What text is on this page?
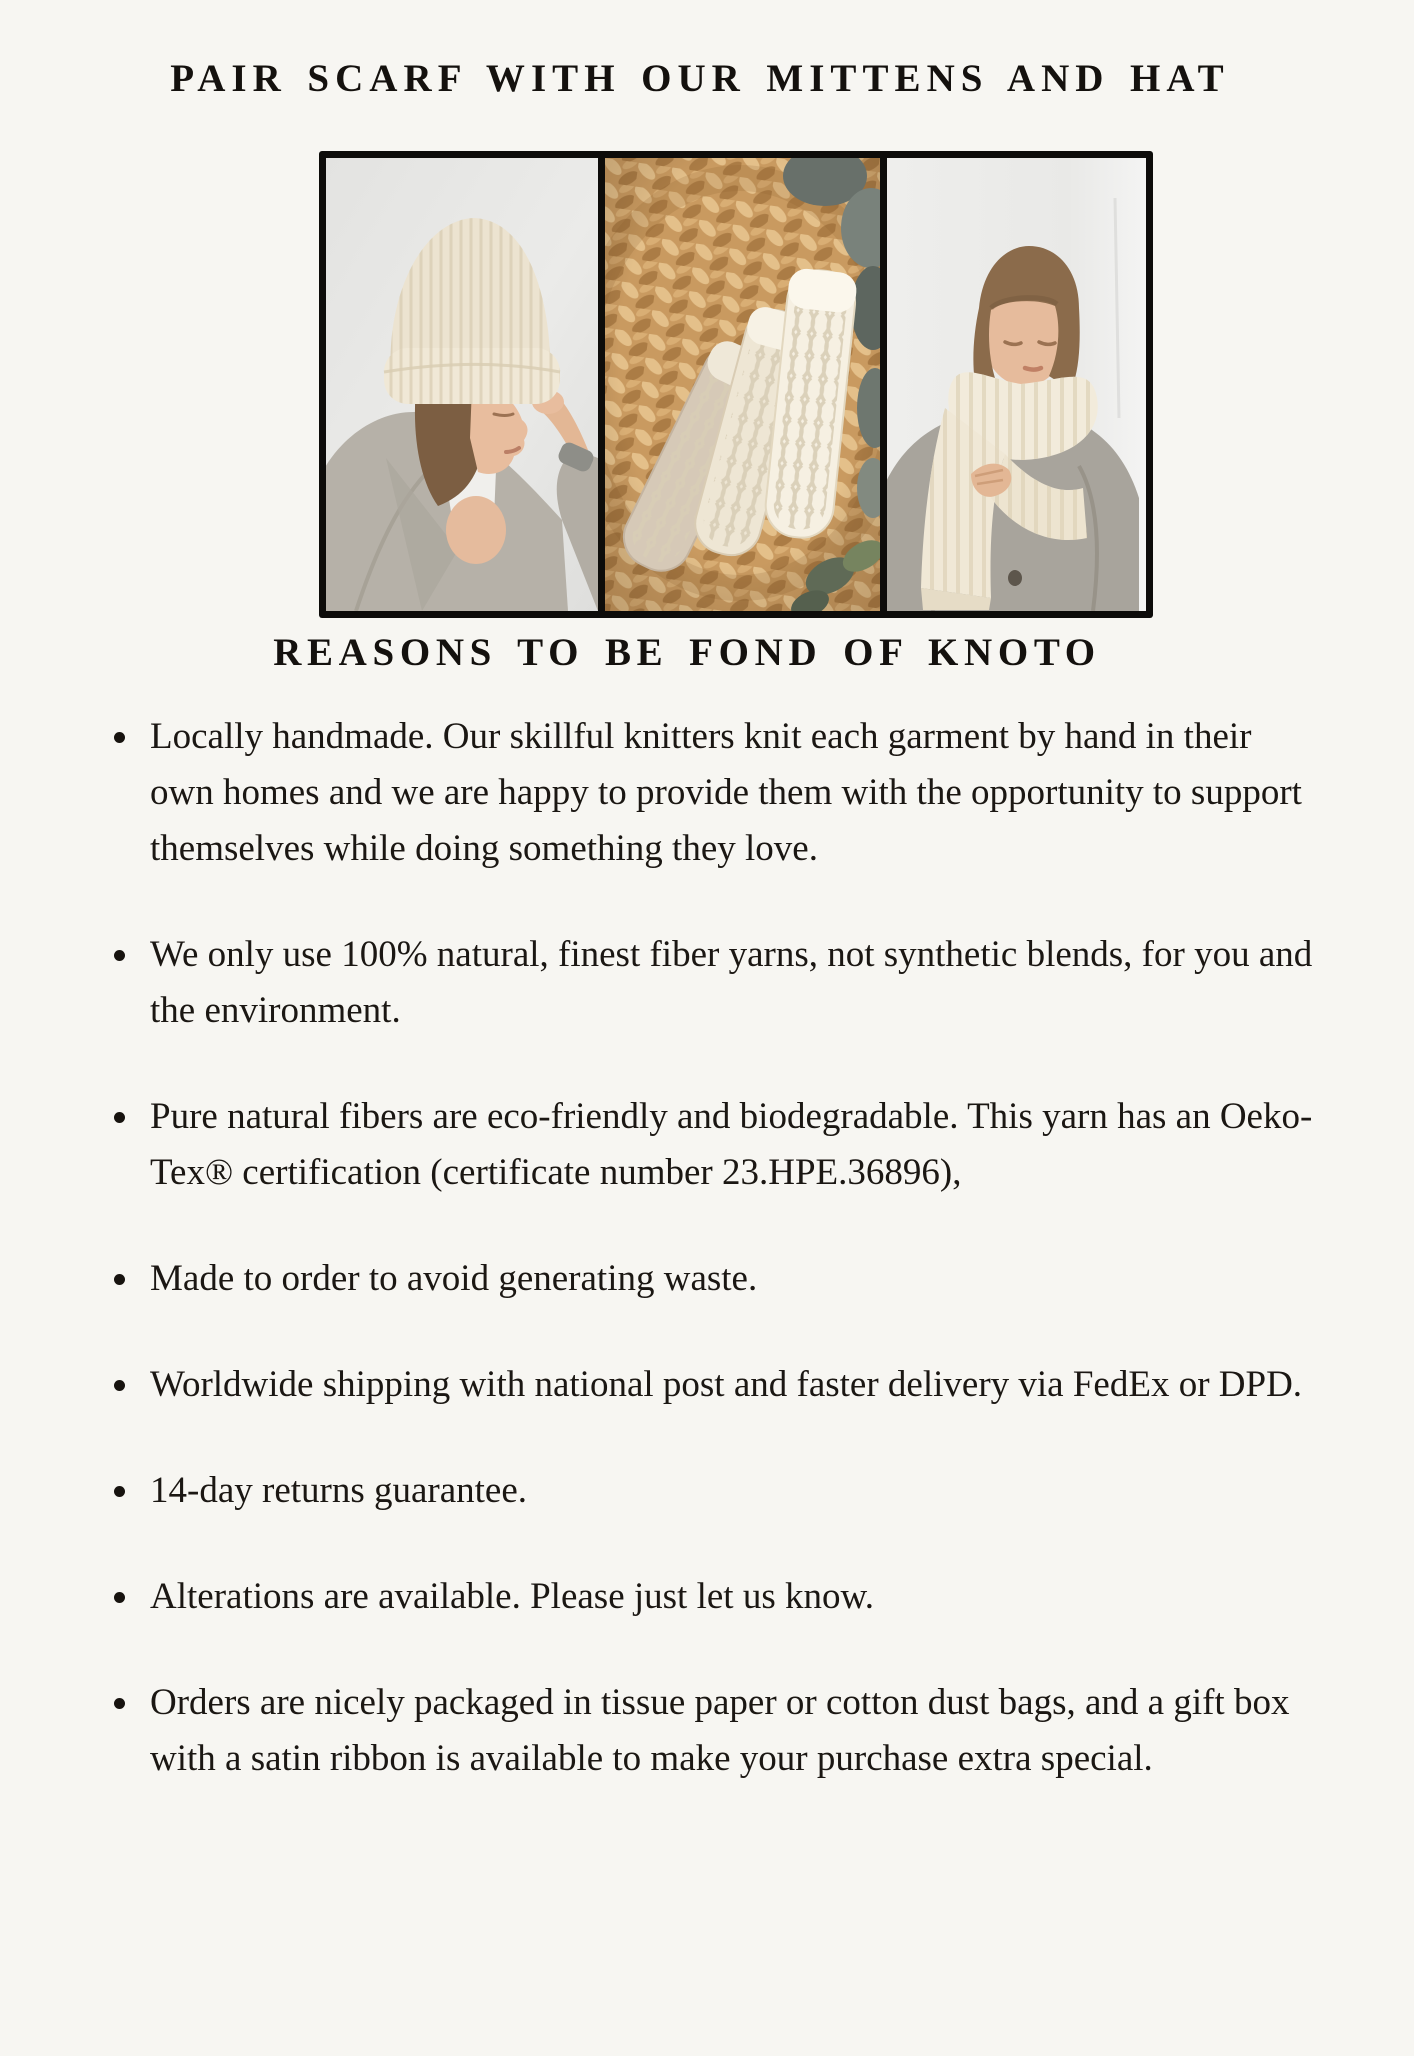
PAIR SCARF WITH OUR MITTENS AND HAT
REASONS TO BE FOND OF KNOTO
Locally handmade. Our skillful knitters knit each garment by hand in their own homes and we are happy to provide them with the opportunity to support themselves while doing something they love.
We only use 100% natural, finest fiber yarns, not synthetic blends, for you and the environment.
Pure natural fibers are eco-friendly and biodegradable. This yarn has an Oeko-Tex® certification (certificate number 23.HPE.36896),
Made to order to avoid generating waste.
Worldwide shipping with national post and faster delivery via FedEx or DPD.
14-day returns guarantee.
Alterations are available. Please just let us know.
Orders are nicely packaged in tissue paper or cotton dust bags, and a gift box with a satin ribbon is available to make your purchase extra special.
